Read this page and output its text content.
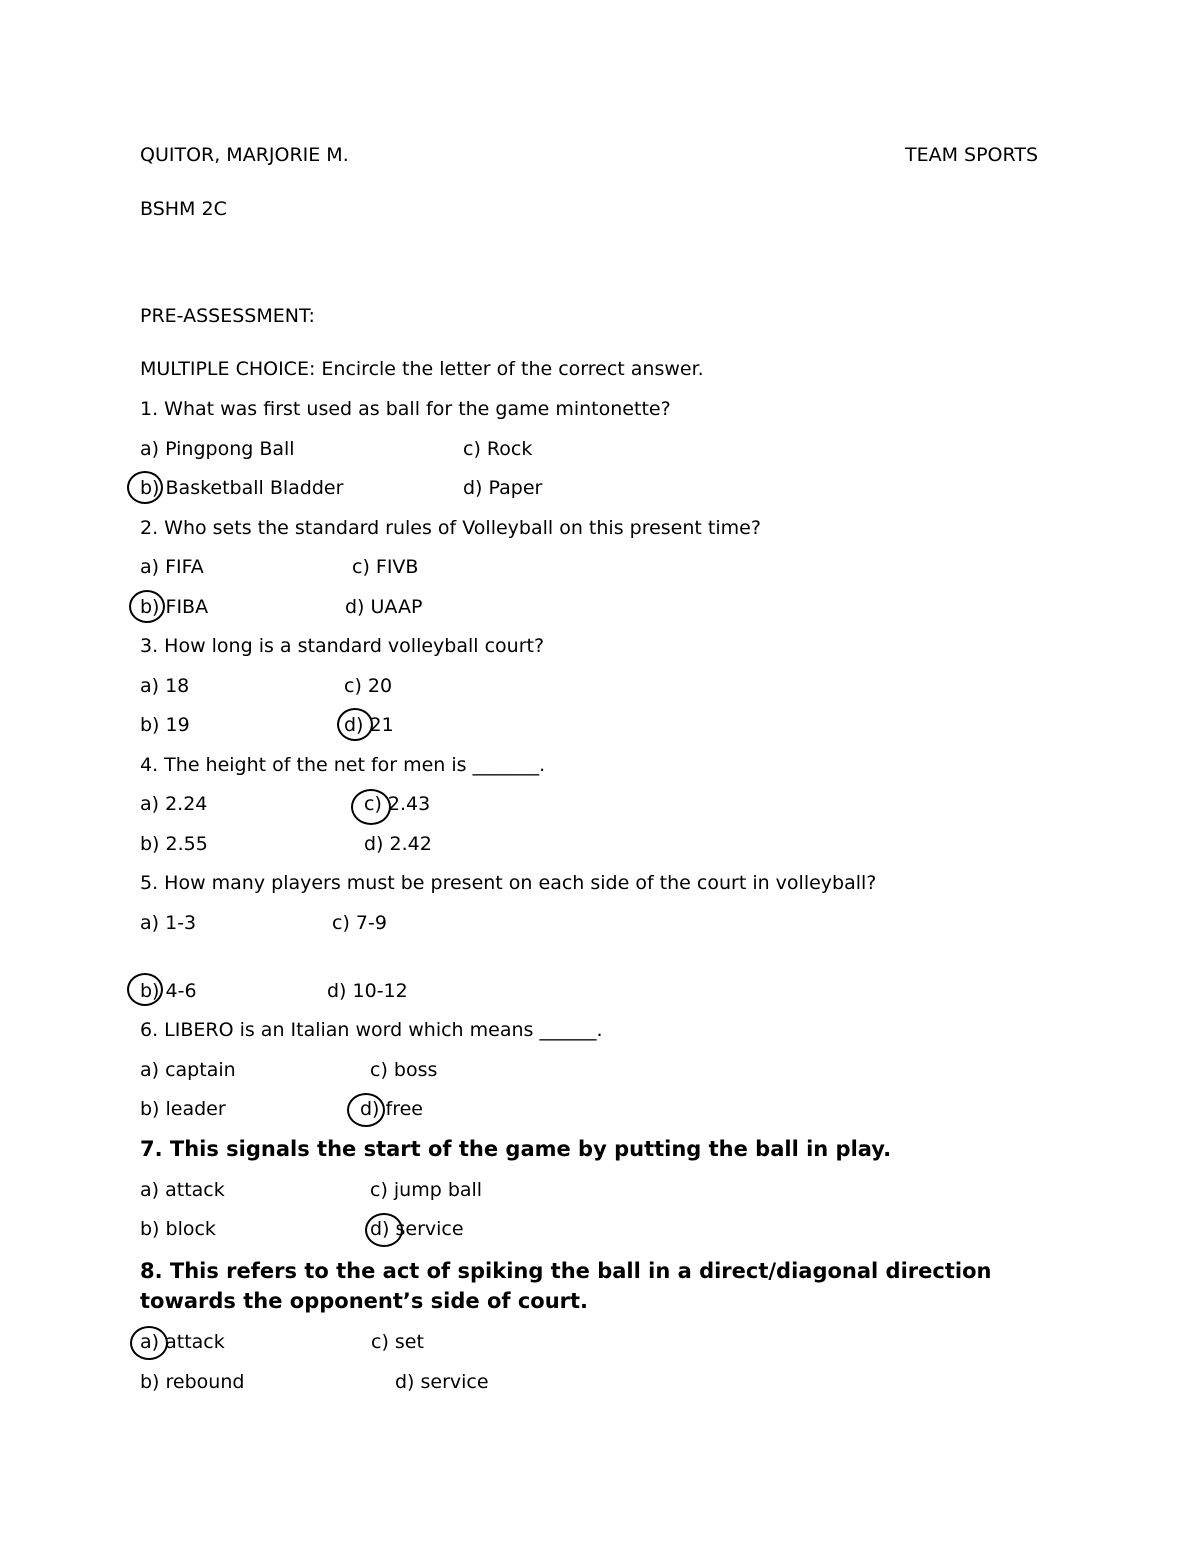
QUITOR, MARJORIE M.	TEAM SPORTS
BSHM 2C
PRE-ASSESSMENT:
MULTIPLE CHOICE: Encircle the letter of the correct answer.
1. What was first used as ball for the game mintonette?
a) Pingpong Ball	c) Rock
b) Basketball Bladder	d) Paper
2. Who sets the standard rules of Volleyball on this present time?
a) FIFA	c) FIVB
b) FIBA	d) UAAP
3. How long is a standard volleyball court?
a) 18	c) 20
b) 19	d) 21
4. The height of the net for men is _______.
a) 2.24	c) 2.43
b) 2.55	d) 2.42
5. How many players must be present on each side of the court in volleyball?
a) 1-3	c) 7-9
b) 4-6	d) 10-12
6. LIBERO is an Italian word which means ______.
a) captain	c) boss
b) leader	d) free
7. This signals the start of the game by putting the ball in play.
a) attack	c) jump ball
b) block	d) service
8. This refers to the act of spiking the ball in a direct/diagonal direction towards the opponent’s side of court.
a) attack	c) set
b) rebound	d) service
